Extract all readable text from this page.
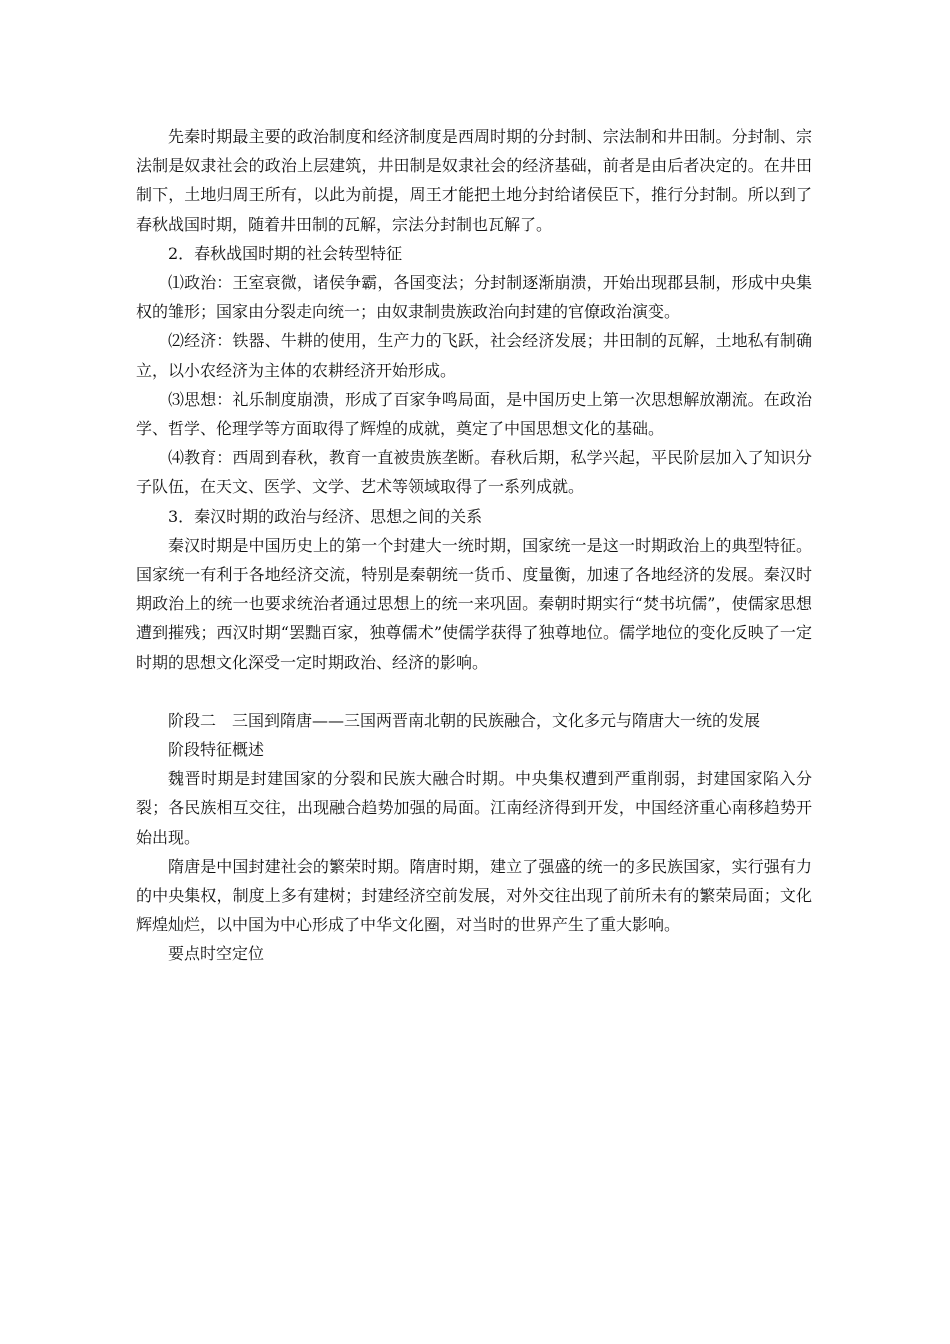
先秦时期最主要的政治制度和经济制度是西周时期的分封制、宗法制和井田制。分封制、宗法制是奴隶社会的政治上层建筑，井田制是奴隶社会的经济基础，前者是由后者决定的。在井田制下，土地归周王所有，以此为前提，周王才能把土地分封给诸侯臣下，推行分封制。所以到了春秋战国时期，随着井田制的瓦解，宗法分封制也瓦解了。

2．春秋战国时期的社会转型特征

⑴政治：王室衰微，诸侯争霸，各国变法；分封制逐渐崩溃，开始出现郡县制，形成中央集权的雏形；国家由分裂走向统一；由奴隶制贵族政治向封建的官僚政治演变。

⑵经济：铁器、牛耕的使用，生产力的飞跃，社会经济发展；井田制的瓦解，土地私有制确立，以小农经济为主体的农耕经济开始形成。

⑶思想：礼乐制度崩溃，形成了百家争鸣局面，是中国历史上第一次思想解放潮流。在政治学、哲学、伦理学等方面取得了辉煌的成就，奠定了中国思想文化的基础。

⑷教育：西周到春秋，教育一直被贵族垄断。春秋后期，私学兴起，平民阶层加入了知识分子队伍，在天文、医学、文学、艺术等领域取得了一系列成就。

3．秦汉时期的政治与经济、思想之间的关系

秦汉时期是中国历史上的第一个封建大一统时期，国家统一是这一时期政治上的典型特征。国家统一有利于各地经济交流，特别是秦朝统一货币、度量衡，加速了各地经济的发展。秦汉时期政治上的统一也要求统治者通过思想上的统一来巩固。秦朝时期实行“焚书坑儒”，使儒家思想遭到摧残；西汉时期“罢黜百家，独尊儒术”使儒学获得了独尊地位。儒学地位的变化反映了一定时期的思想文化深受一定时期政治、经济的影响。

阶段二　三国到隋唐——三国两晋南北朝的民族融合，文化多元与隋唐大一统的发展

阶段特征概述

魏晋时期是封建国家的分裂和民族大融合时期。中央集权遭到严重削弱，封建国家陷入分裂；各民族相互交往，出现融合趋势加强的局面。江南经济得到开发，中国经济重心南移趋势开始出现。

隋唐是中国封建社会的繁荣时期。隋唐时期，建立了强盛的统一的多民族国家，实行强有力的中央集权，制度上多有建树；封建经济空前发展，对外交往出现了前所未有的繁荣局面；文化辉煌灿烂，以中国为中心形成了中华文化圈，对当时的世界产生了重大影响。

要点时空定位
